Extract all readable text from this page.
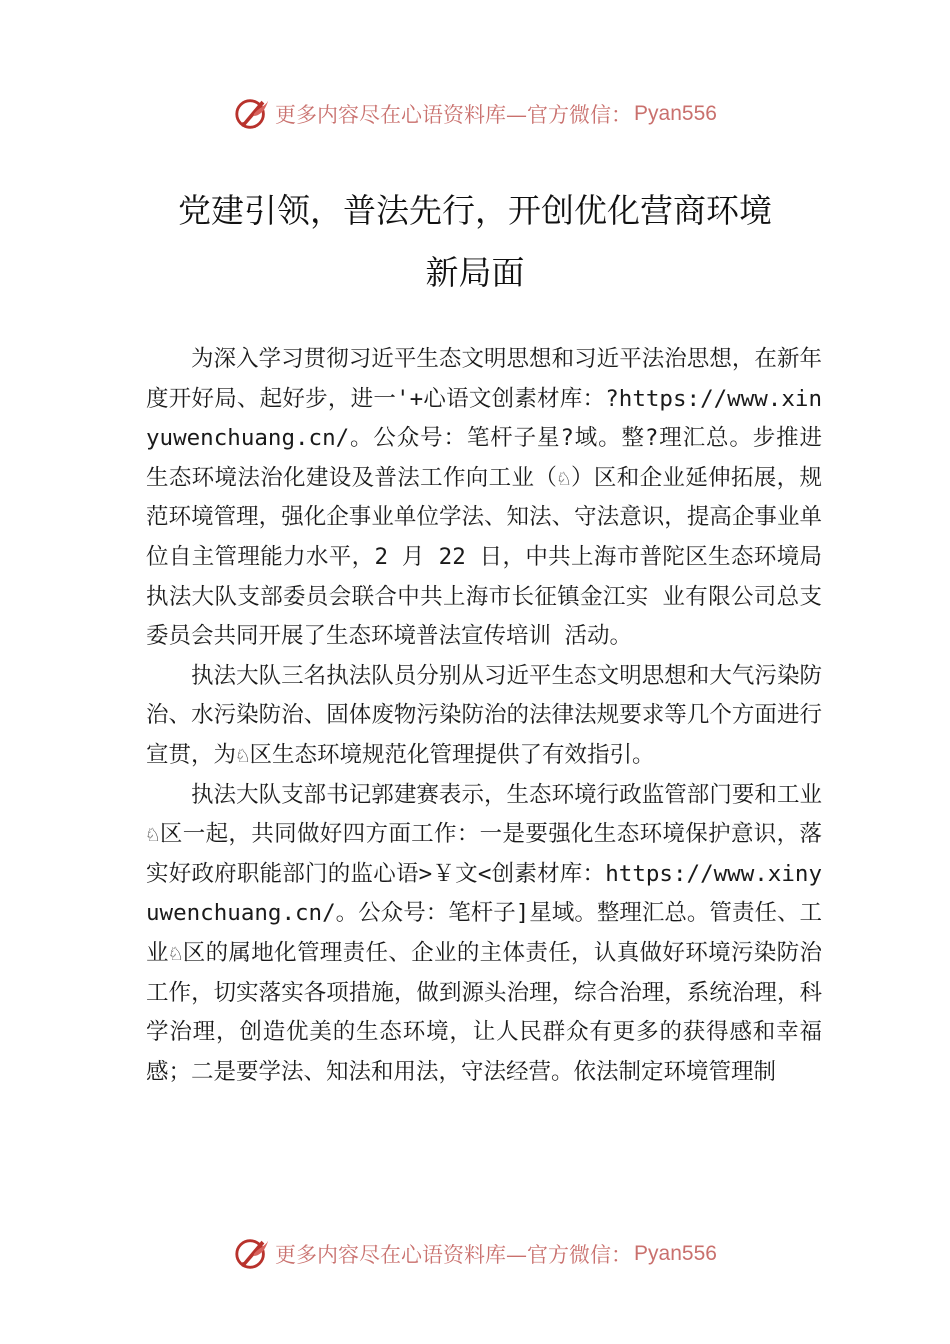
更多内容尽在心语资料库—官方微信： Pyan556
党建引领，普法先行，开创优化营商环境
新局面

为深入学习贯彻习近平生态文明思想和习近平法治思想，在新年度开好局、起好步，进一'+心语文创素材库：?https://www.xinyuwenchuang.cn/。公众号：笔杆子星?域。整?理汇总。步推进生态环境法治化建设及普法工作向工业（♘）区和企业延伸拓展，规范环境管理，强化企事业单位学法、知法、守法意识，提高企事业单位自主管理能力水平，2 月 22 日，中共上海市普陀区生态环境局执法大队支部委员会联合中共上海市长征镇金江实 业有限公司总支委员会共同开展了生态环境普法宣传培训 活动。

执法大队三名执法队员分别从习近平生态文明思想和大气污染防治、水污染防治、固体废物污染防治的法律法规要求等几个方面进行宣贯，为♘区生态环境规范化管理提供了有效指引。

执法大队支部书记郭建赛表示，生态环境行政监管部门要和工业♘区一起，共同做好四方面工作：一是要强化生态环境保护意识，落实好政府职能部门的监心语>￥文<创素材库：https://www.xinyuwenchuang.cn/。公众号：笔杆子]星域。整理汇总。管责任、工业♘区的属地化管理责任、企业的主体责任，认真做好环境污染防治工作，切实落实各项措施，做到源头治理，综合治理，系统治理，科学治理，创造优美的生态环境，让人民群众有更多的获得感和幸福感；二是要学法、知法和用法，守法经营。依法制定环境管理制

更多内容尽在心语资料库—官方微信： Pyan556
